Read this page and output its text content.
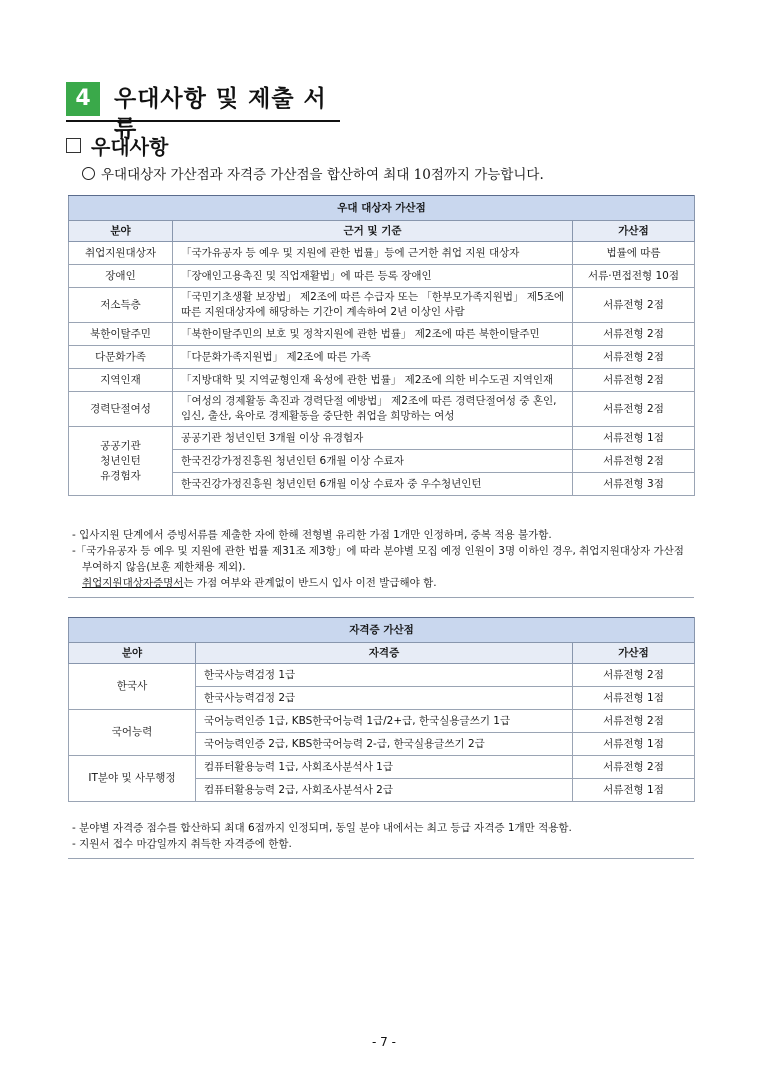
4	우대사항 및 제출 서류
우대사항
우대대상자 가산점과 자격증 가산점을 합산하여 최대 10점까지 가능합니다.
우대 대상자 가산점		
분야	근거 및 기준	가산점
취업지원대상자	「국가유공자 등 예우 및 지원에 관한 법률」등에 근거한 취업 지원 대상자	법률에 따름
장애인	「장애인고용촉진 및 직업재활법」에 따른 등록 장애인	서류·면접전형 10점
저소득층	「국민기초생활 보장법」 제2조에 따른 수급자 또는 「한부모가족지원법」 제5조에 따른 지원대상자에 해당하는 기간이 계속하여 2년 이상인 사람	서류전형 2점
북한이탈주민	「북한이탈주민의 보호 및 정착지원에 관한 법률」 제2조에 따른 북한이탈주민	서류전형 2점
다문화가족	「다문화가족지원법」 제2조에 따른 가족	서류전형 2점
지역인재	「지방대학 및 지역균형인재 육성에 관한 법률」 제2조에 의한 비수도권 지역인재	서류전형 2점
경력단절여성	「여성의 경제활동 촉진과 경력단절 예방법」 제2조에 따른 경력단절여성 중 혼인, 임신, 출산, 육아로 경제활동을 중단한 취업을 희망하는 여성	서류전형 2점
공공기관
청년인턴
유경험자	공공기관 청년인턴 3개월 이상 유경험자	서류전형 1점
	한국건강가정진흥원 청년인턴 6개월 이상 수료자	서류전형 2점
	한국건강가정진흥원 청년인턴 6개월 이상 수료자 중 우수청년인턴	서류전형 3점
- 입사지원 단계에서 증빙서류를 제출한 자에 한해 전형별 유리한 가점 1개만 인정하며, 중복 적용 불가함.
-「국가유공자 등 예우 및 지원에 관한 법률 제31조 제3항」에 따라 분야별 모집 예정 인원이 3명 이하인 경우, 취업지원대상자 가산점 부여하지 않음(보훈 제한채용 제외).
취업지원대상자증명서는 가점 여부와 관계없이 반드시 입사 이전 발급해야 함.
자격증 가산점		
분야	자격증	가산점
한국사	한국사능력검정 1급	서류전형 2점
	한국사능력검정 2급	서류전형 1점
국어능력	국어능력인증 1급, KBS한국어능력 1급/2+급, 한국실용글쓰기 1급	서류전형 2점
	국어능력인증 2급, KBS한국어능력 2-급, 한국실용글쓰기 2급	서류전형 1점
IT분야 및 사무행정	컴퓨터활용능력 1급, 사회조사분석사 1급	서류전형 2점
	컴퓨터활용능력 2급, 사회조사분석사 2급	서류전형 1점
- 분야별 자격증 점수를 합산하되 최대 6점까지 인정되며, 동일 분야 내에서는 최고 등급 자격증 1개만 적용함.
- 지원서 접수 마감일까지 취득한 자격증에 한함.
- 7 -
